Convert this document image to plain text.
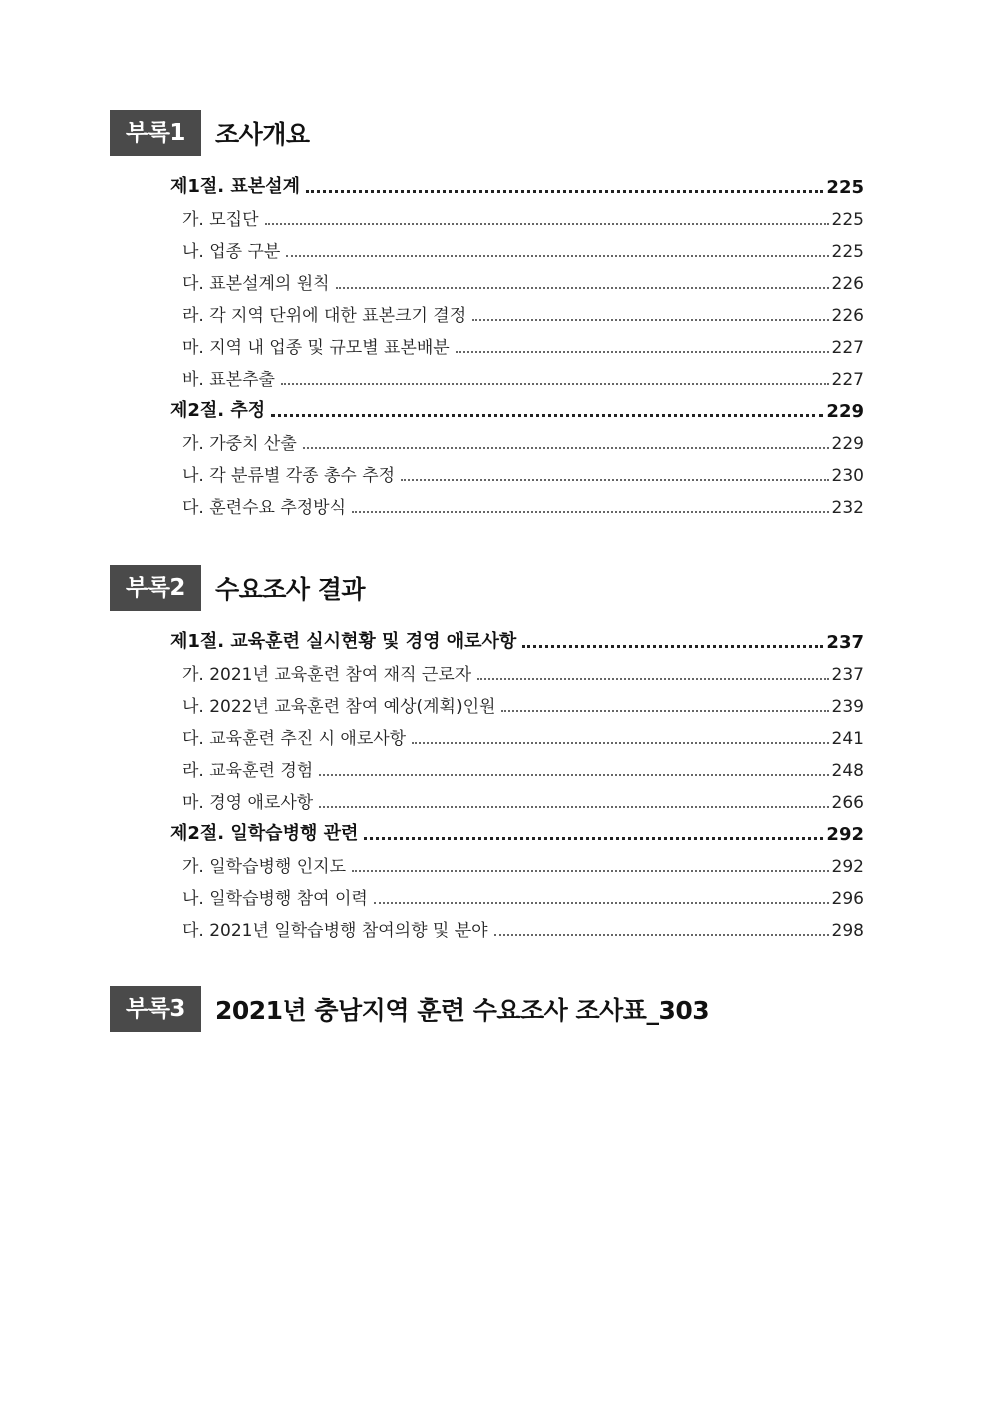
부록1	조사개요
제1절. 표본설계	225
가. 모집단	225
나. 업종 구분	225
다. 표본설계의 원칙	226
라. 각 지역 단위에 대한 표본크기 결정	226
마. 지역 내 업종 및 규모별 표본배분	227
바. 표본추출	227
제2절. 추정	229
가. 가중치 산출	229
나. 각 분류별 각종 총수 추정	230
다. 훈련수요 추정방식	232
부록2	수요조사 결과
제1절. 교육훈련 실시현황 및 경영 애로사항	237
가. 2021년 교육훈련 참여 재직 근로자	237
나. 2022년 교육훈련 참여 예상(계획)인원	239
다. 교육훈련 추진 시 애로사항	241
라. 교육훈련 경험	248
마. 경영 애로사항	266
제2절. 일학습병행 관련	292
가. 일학습병행 인지도	292
나. 일학습병행 참여 이력	296
다. 2021년 일학습병행 참여의향 및 분야	298
부록3	2021년 충남지역 훈련 수요조사 조사표_303
